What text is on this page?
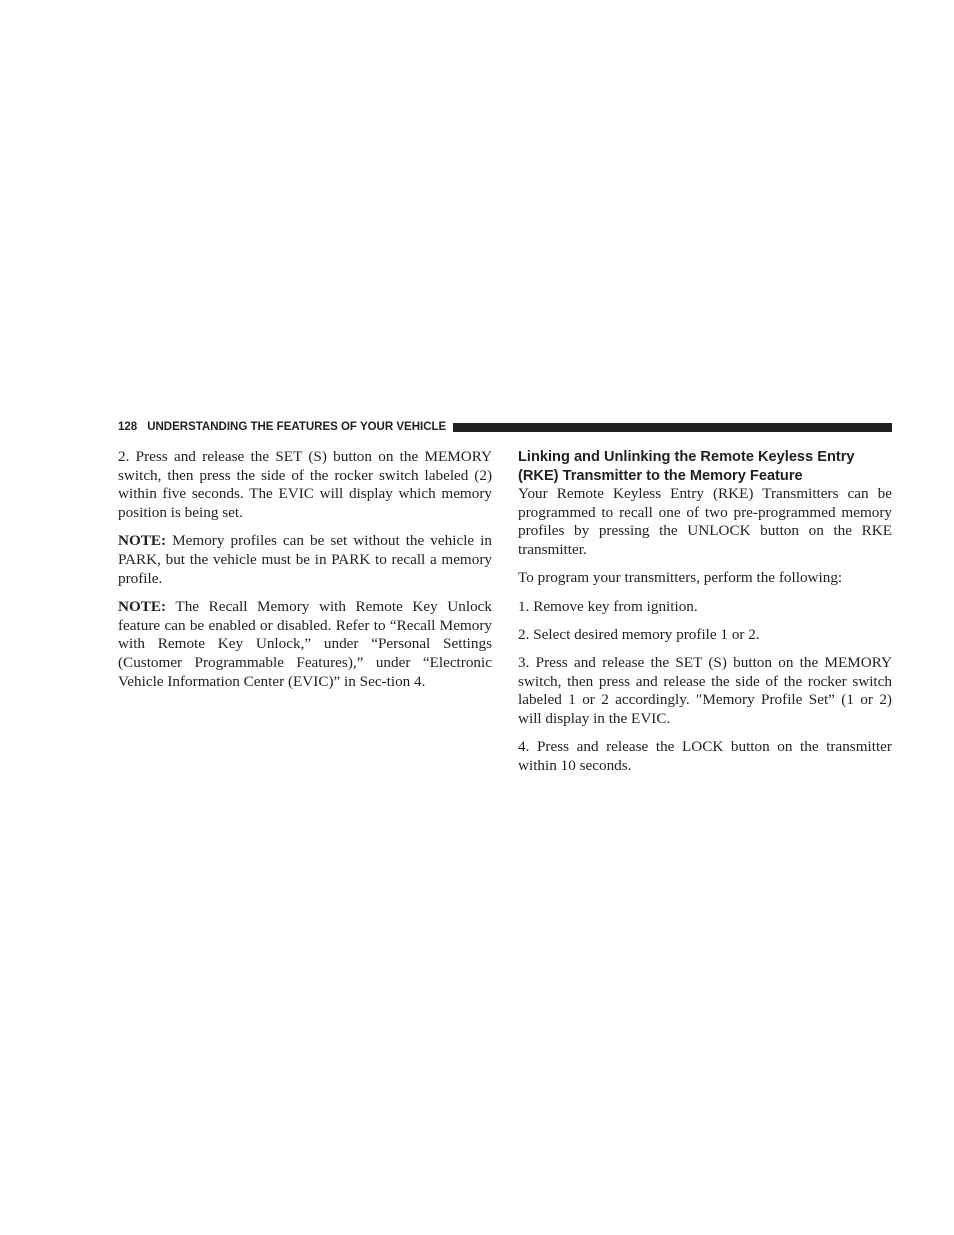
128 UNDERSTANDING THE FEATURES OF YOUR VEHICLE

2. Press and release the SET (S) button on the MEMORY switch, then press the side of the rocker switch labeled (2) within five seconds. The EVIC will display which memory position is being set.

NOTE: Memory profiles can be set without the vehicle in PARK, but the vehicle must be in PARK to recall a memory profile.

NOTE: The Recall Memory with Remote Key Unlock feature can be enabled or disabled. Refer to “Recall Memory with Remote Key Unlock,” under “Personal Settings (Customer Programmable Features),” under “Electronic Vehicle Information Center (EVIC)” in Sec-tion 4.

Linking and Unlinking the Remote Keyless Entry (RKE) Transmitter to the Memory Feature

Your Remote Keyless Entry (RKE) Transmitters can be programmed to recall one of two pre-programmed memory profiles by pressing the UNLOCK button on the RKE transmitter.

To program your transmitters, perform the following:

1. Remove key from ignition.

2. Select desired memory profile 1 or 2.

3. Press and release the SET (S) button on the MEMORY switch, then press and release the side of the rocker switch labeled 1 or 2 accordingly. ″Memory Profile Set” (1 or 2) will display in the EVIC.

4. Press and release the LOCK button on the transmitter within 10 seconds.
